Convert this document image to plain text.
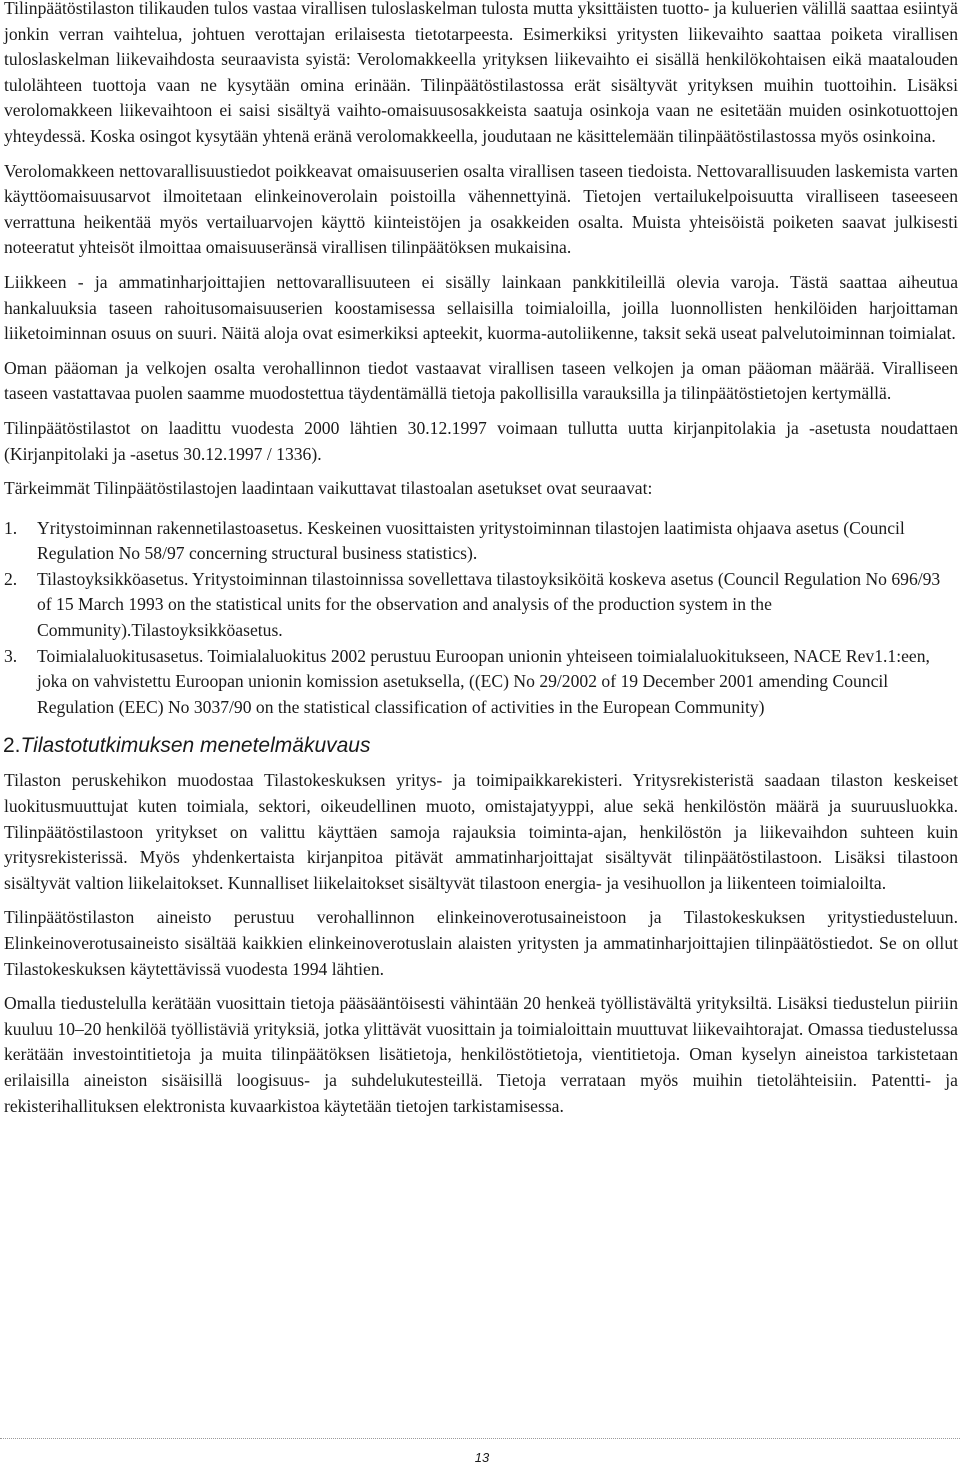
Tilinpäätöstilaston tilikauden tulos vastaa virallisen tuloslaskelman tulosta mutta yksittäisten tuotto- ja kuluerien välillä saattaa esiintyä jonkin verran vaihtelua, johtuen verottajan erilaisesta tietotarpeesta. Esimerkiksi yritysten liikevaihto saattaa poiketa virallisen tuloslaskelman liikevaihdosta seuraavista syistä: Verolomakkeella yrityksen liikevaihto ei sisällä henkilökohtaisen eikä maatalouden tulolähteen tuottoja vaan ne kysytään omina erinään. Tilinpäätöstilastossa erät sisältyvät yrityksen muihin tuottoihin. Lisäksi verolomakkeen liikevaihtoon ei saisi sisältyä vaihto-omaisuusosakkeista saatuja osinkoja vaan ne esitetään muiden osinkotuottojen yhteydessä. Koska osingot kysytään yhtenä eränä verolomakkeella, joudutaan ne käsittelemään tilinpäätöstilastossa myös osinkoina.

Verolomakkeen nettovarallisuustiedot poikkeavat omaisuuserien osalta virallisen taseen tiedoista. Nettovarallisuuden laskemista varten käyttöomaisuusarvot ilmoitetaan elinkeinoverolain poistoilla vähennettyinä. Tietojen vertailukelpoisuutta viralliseen taseeseen verrattuna heikentää myös vertailuarvojen käyttö kiinteistöjen ja osakkeiden osalta. Muista yhteisöistä poiketen saavat julkisesti noteeratut yhteisöt ilmoittaa omaisuuseränsä virallisen tilinpäätöksen mukaisina.

Liikkeen - ja ammatinharjoittajien nettovarallisuuteen ei sisälly lainkaan pankkitileillä olevia varoja. Tästä saattaa aiheutua hankaluuksia taseen rahoitusomaisuuserien koostamisessa sellaisilla toimialoilla, joilla luonnollisten henkilöiden harjoittaman liiketoiminnan osuus on suuri. Näitä aloja ovat esimerkiksi apteekit, kuorma-autoliikenne, taksit sekä useat palvelutoiminnan toimialat.

Oman pääoman ja velkojen osalta verohallinnon tiedot vastaavat virallisen taseen velkojen ja oman pääoman määrää. Viralliseen taseen vastattavaa puolen saamme muodostettua täydentämällä tietoja pakollisilla varauksilla ja tilinpäätöstietojen kertymällä.

Tilinpäätöstilastot on laadittu vuodesta 2000 lähtien 30.12.1997 voimaan tullutta uutta kirjanpitolakia ja -asetusta noudattaen (Kirjanpitolaki ja -asetus 30.12.1997 / 1336).

Tärkeimmät Tilinpäätöstilastojen laadintaan vaikuttavat tilastoalan asetukset ovat seuraavat:

1. Yritystoiminnan rakennetilastoasetus. Keskeinen vuosittaisten yritystoiminnan tilastojen laatimista ohjaava asetus (Council Regulation No 58/97 concerning structural business statistics).
2. Tilastoyksikköasetus. Yritystoiminnan tilastoinnissa sovellettava tilastoyksiköitä koskeva asetus (Council Regulation No 696/93 of 15 March 1993 on the statistical units for the observation and analysis of the production system in the Community).Tilastoyksikköasetus.
3. Toimialaluokitusasetus. Toimialaluokitus 2002 perustuu Euroopan unionin yhteiseen toimialaluokitukseen, NACE Rev1.1:een, joka on vahvistettu Euroopan unionin komission asetuksella, ((EC) No 29/2002 of 19 December 2001 amending Council Regulation (EEC) No 3037/90 on the statistical classification of activities in the European Community)
2.Tilastotutkimuksen menetelmäkuvaus

Tilaston peruskehikon muodostaa Tilastokeskuksen yritys- ja toimipaikkarekisteri. Yritysrekisteristä saadaan tilaston keskeiset luokitusmuuttujat kuten toimiala, sektori, oikeudellinen muoto, omistajatyyppi, alue sekä henkilöstön määrä ja suuruusluokka. Tilinpäätöstilastoon yritykset on valittu käyttäen samoja rajauksia toiminta-ajan, henkilöstön ja liikevaihdon suhteen kuin yritysrekisterissä. Myös yhdenkertaista kirjanpitoa pitävät ammatinharjoittajat sisältyvät tilinpäätöstilastoon. Lisäksi tilastoon sisältyvät valtion liikelaitokset. Kunnalliset liikelaitokset sisältyvät tilastoon energia- ja vesihuollon ja liikenteen toimialoilta.

Tilinpäätöstilaston aineisto perustuu verohallinnon elinkeinoverotusaineistoon ja Tilastokeskuksen yritystiedusteluun. Elinkeinoverotusaineisto sisältää kaikkien elinkeinoverotuslain alaisten yritysten ja ammatinharjoittajien tilinpäätöstiedot. Se on ollut Tilastokeskuksen käytettävissä vuodesta 1994 lähtien.

Omalla tiedustelulla kerätään vuosittain tietoja pääsääntöisesti vähintään 20 henkeä työllistävältä yrityksiltä. Lisäksi tiedustelun piiriin kuuluu 10–20 henkilöä työllistäviä yrityksiä, jotka ylittävät vuosittain ja toimialoittain muuttuvat liikevaihtorajat. Omassa tiedustelussa kerätään investointitietoja ja muita tilinpäätöksen lisätietoja, henkilöstötietoja, vientitietoja. Oman kyselyn aineistoa tarkistetaan erilaisilla aineiston sisäisillä loogisuus- ja suhdelukutesteillä. Tietoja verrataan myös muihin tietolähteisiin. Patentti- ja rekisterihallituksen elektronista kuvaarkistoa käytetään tietojen tarkistamisessa.

13
